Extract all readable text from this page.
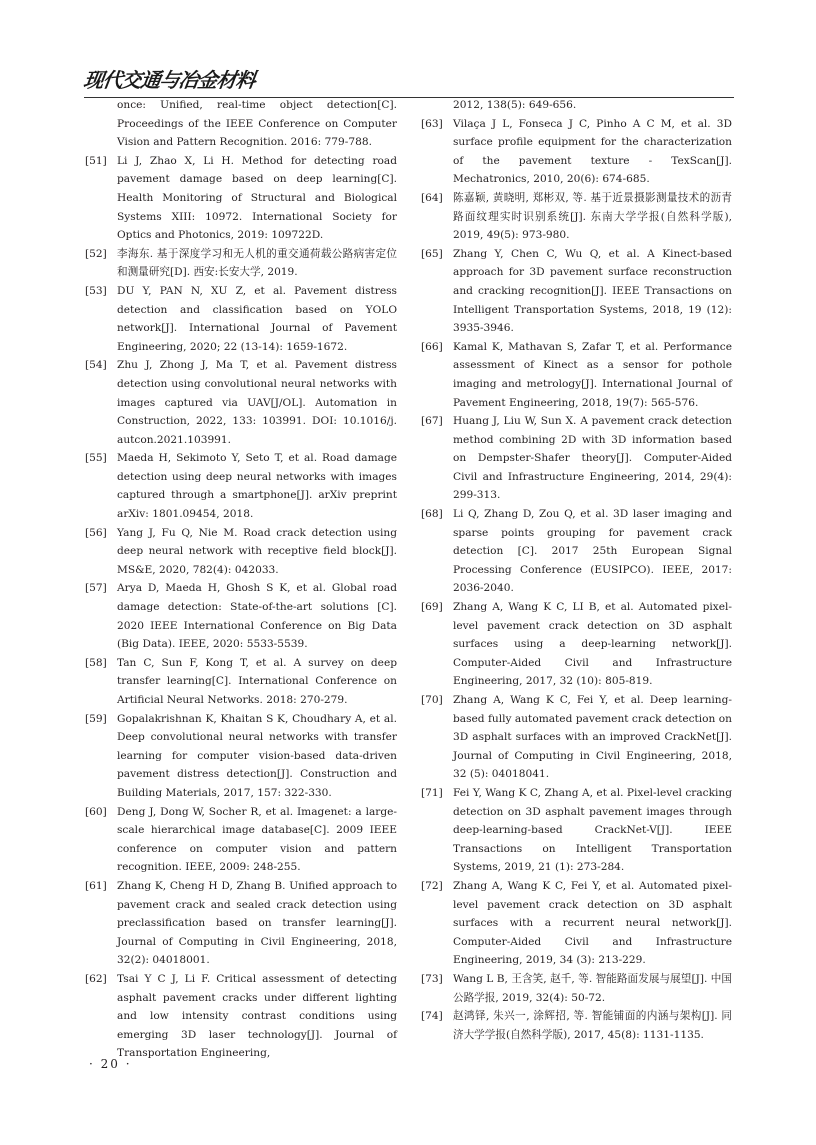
现代交通与冶金材料
once: Unified, real-time object detection[C]. Proceedings of the IEEE Conference on Computer Vision and Pattern Recognition. 2016: 779-788.
[51] Li J, Zhao X, Li H. Method for detecting road pavement damage based on deep learning[C]. Health Monitoring of Structural and Biological Systems XIII: 10972. International Society for Optics and Photonics, 2019: 109722D.
[52] 李海东. 基于深度学习和无人机的重交通荷载公路病害定位和测量研究[D]. 西安:长安大学, 2019.
[53] DU Y, PAN N, XU Z, et al. Pavement distress detection and classification based on YOLO network[J]. International Journal of Pavement Engineering, 2020; 22 (13-14): 1659-1672.
[54] Zhu J, Zhong J, Ma T, et al. Pavement distress detection using convolutional neural networks with images captured via UAV[J/OL]. Automation in Construction, 2022, 133: 103991. DOI: 10.1016/j. autcon.2021.103991.
[55] Maeda H, Sekimoto Y, Seto T, et al. Road damage detection using deep neural networks with images captured through a smartphone[J]. arXiv preprint arXiv: 1801.09454, 2018.
[56] Yang J, Fu Q, Nie M. Road crack detection using deep neural network with receptive field block[J]. MS&E, 2020, 782(4): 042033.
[57] Arya D, Maeda H, Ghosh S K, et al. Global road damage detection: State-of-the-art solutions [C]. 2020 IEEE International Conference on Big Data (Big Data). IEEE, 2020: 5533-5539.
[58] Tan C, Sun F, Kong T, et al. A survey on deep transfer learning[C]. International Conference on Artificial Neural Networks. 2018: 270-279.
[59] Gopalakrishnan K, Khaitan S K, Choudhary A, et al. Deep convolutional neural networks with transfer learning for computer vision-based data-driven pavement distress detection[J]. Construction and Building Materials, 2017, 157: 322-330.
[60] Deng J, Dong W, Socher R, et al. Imagenet: a large-scale hierarchical image database[C]. 2009 IEEE conference on computer vision and pattern recognition. IEEE, 2009: 248-255.
[61] Zhang K, Cheng H D, Zhang B. Unified approach to pavement crack and sealed crack detection using preclassification based on transfer learning[J]. Journal of Computing in Civil Engineering, 2018, 32(2): 04018001.
[62] Tsai Y C J, Li F. Critical assessment of detecting asphalt pavement cracks under different lighting and low intensity contrast conditions using emerging 3D laser technology[J]. Journal of Transportation Engineering,
2012, 138(5): 649-656.
[63] Vilaça J L, Fonseca J C, Pinho A C M, et al. 3D surface profile equipment for the characterization of the pavement texture - TexScan[J]. Mechatronics, 2010, 20(6): 674-685.
[64] 陈嘉颖, 黄晓明, 郑彬双, 等. 基于近景摄影测量技术的沥青路面纹理实时识别系统[J]. 东南大学学报(自然科学版), 2019, 49(5): 973-980.
[65] Zhang Y, Chen C, Wu Q, et al. A Kinect-based approach for 3D pavement surface reconstruction and cracking recognition[J]. IEEE Transactions on Intelligent Transportation Systems, 2018, 19 (12): 3935-3946.
[66] Kamal K, Mathavan S, Zafar T, et al. Performance assessment of Kinect as a sensor for pothole imaging and metrology[J]. International Journal of Pavement Engineering, 2018, 19(7): 565-576.
[67] Huang J, Liu W, Sun X. A pavement crack detection method combining 2D with 3D information based on Dempster-Shafer theory[J]. Computer-Aided Civil and Infrastructure Engineering, 2014, 29(4): 299-313.
[68] Li Q, Zhang D, Zou Q, et al. 3D laser imaging and sparse points grouping for pavement crack detection [C]. 2017 25th European Signal Processing Conference (EUSIPCO). IEEE, 2017: 2036-2040.
[69] Zhang A, Wang K C, LI B, et al. Automated pixel-level pavement crack detection on 3D asphalt surfaces using a deep-learning network[J]. Computer-Aided Civil and Infrastructure Engineering, 2017, 32 (10): 805-819.
[70] Zhang A, Wang K C, Fei Y, et al. Deep learning-based fully automated pavement crack detection on 3D asphalt surfaces with an improved CrackNet[J]. Journal of Computing in Civil Engineering, 2018, 32 (5): 04018041.
[71] Fei Y, Wang K C, Zhang A, et al. Pixel-level cracking detection on 3D asphalt pavement images through deep-learning-based CrackNet-V[J]. IEEE Transactions on Intelligent Transportation Systems, 2019, 21 (1): 273-284.
[72] Zhang A, Wang K C, Fei Y, et al. Automated pixel-level pavement crack detection on 3D asphalt surfaces with a recurrent neural network[J]. Computer-Aided Civil and Infrastructure Engineering, 2019, 34 (3): 213-229.
[73] Wang L B, 王含笑, 赵千, 等. 智能路面发展与展望[J]. 中国公路学报, 2019, 32(4): 50-72.
[74] 赵鸿铎, 朱兴一, 涂辉招, 等. 智能铺面的内涵与架构[J]. 同济大学学报(自然科学版), 2017, 45(8): 1131-1135.
· 20 ·
